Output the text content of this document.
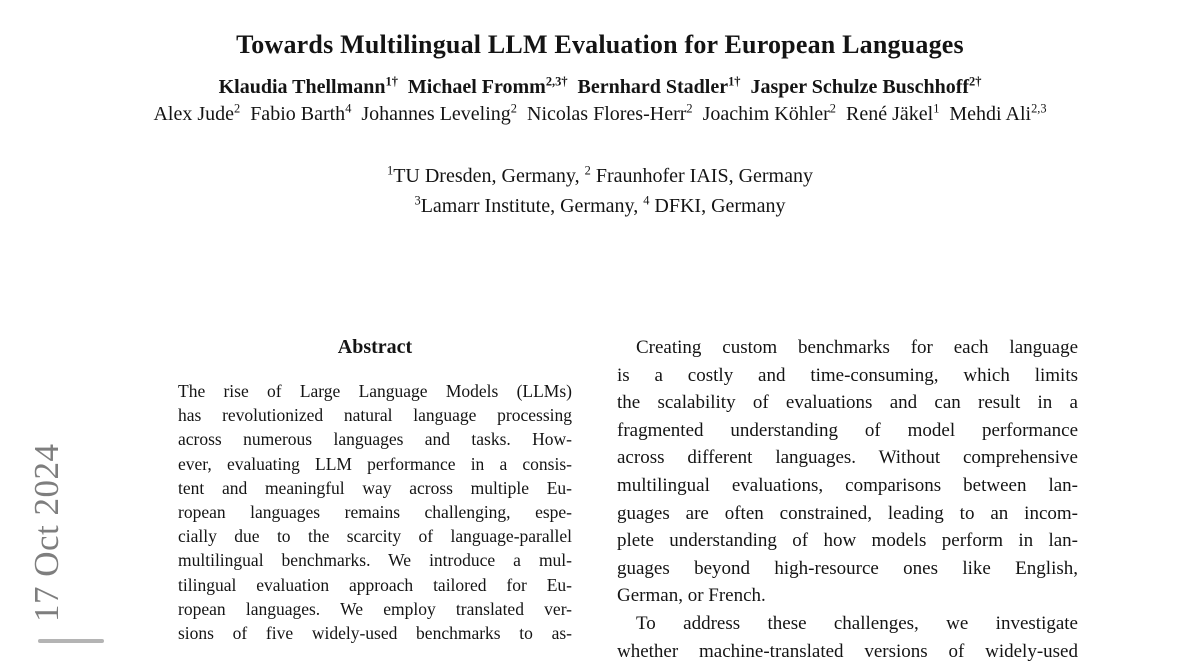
Towards Multilingual LLM Evaluation for European Languages
Klaudia Thellmann$^{1\dagger}$ Michael Fromm$^{2,3\dagger}$ Bernhard Stadler$^{1\dagger}$ Jasper Schulze Buschhoff$^{2\dagger}$
Alex Jude$^2$ Fabio Barth$^4$ Johannes Leveling$^2$ Nicolas Flores-Herr$^2$ Joachim Köhler$^2$ René Jäkel$^1$ Mehdi Ali$^{2,3}$
$^1$TU Dresden, Germany, $^2$ Fraunhofer IAIS, Germany
$^3$Lamarr Institute, Germany, $^4$ DFKI, Germany
Abstract
The rise of Large Language Models (LLMs)
has revolutionized natural language processing
across numerous languages and tasks. How-
ever, evaluating LLM performance in a consis-
tent and meaningful way across multiple Eu-
ropean languages remains challenging, espe-
cially due to the scarcity of language-parallel
multilingual benchmarks. We introduce a mul-
tilingual evaluation approach tailored for Eu-
ropean languages. We employ translated ver-
sions of five widely-used benchmarks to as-
Creating custom benchmarks for each language
is a costly and time-consuming, which limits
the scalability of evaluations and can result in a
fragmented understanding of model performance
across different languages. Without comprehensive
multilingual evaluations, comparisons between lan-
guages are often constrained, leading to an incom-
plete understanding of how models perform in lan-
guages beyond high-resource ones like English,
German, or French.
To address these challenges, we investigate
whether machine-translated versions of widely-used
17 Oct 2024
